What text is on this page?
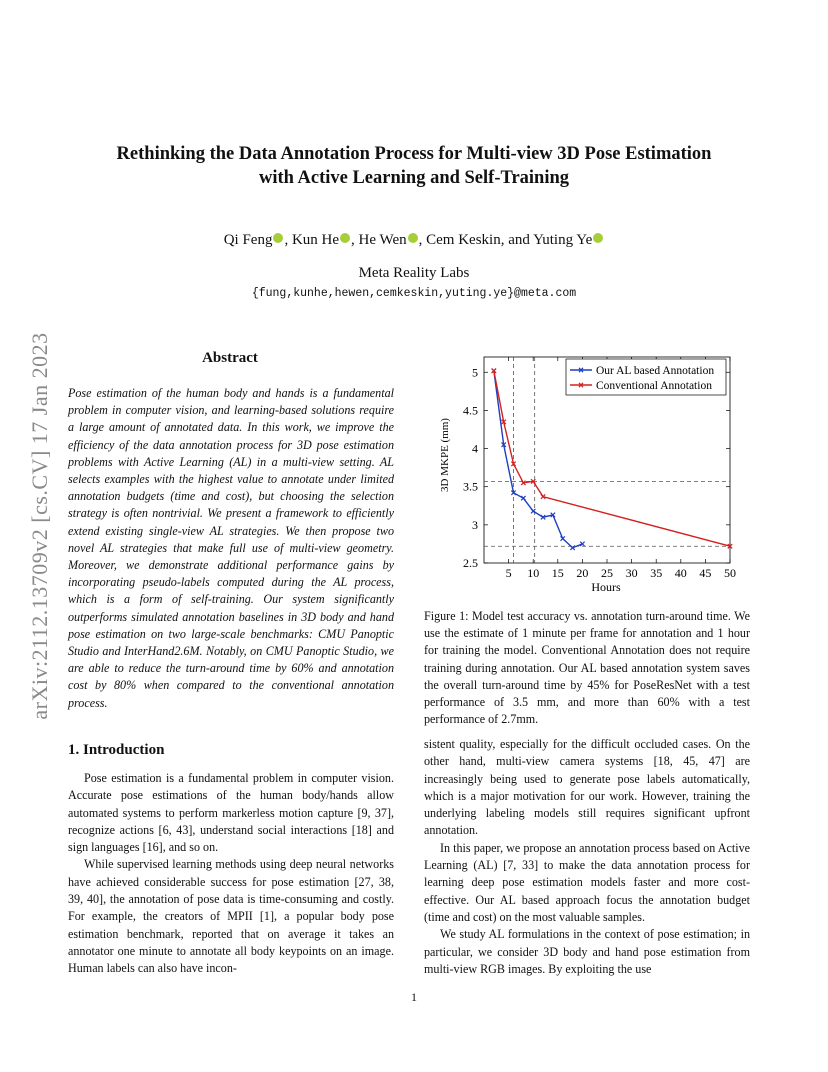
arXiv:2112.13709v2 [cs.CV] 17 Jan 2023
Rethinking the Data Annotation Process for Multi-view 3D Pose Estimation
with Active Learning and Self-Training
Qi Feng , Kun He , He Wen , Cem Keskin, and Yuting Ye
Meta Reality Labs
{fung,kunhe,hewen,cemkeskin,yuting.ye}@meta.com
Abstract
Pose estimation of the human body and hands is a fundamental problem in computer vision, and learning-based solutions require a large amount of annotated data. In this work, we improve the efficiency of the data annotation process for 3D pose estimation problems with Active Learning (AL) in a multi-view setting. AL selects examples with the highest value to annotate under limited annotation budgets (time and cost), but choosing the selection strategy is often nontrivial. We present a framework to efficiently extend existing single-view AL strategies. We then propose two novel AL strategies that make full use of multi-view geometry. Moreover, we demonstrate additional performance gains by incorporating pseudo-labels computed during the AL process, which is a form of self-training. Our system significantly outperforms simulated annotation baselines in 3D body and hand pose estimation on two large-scale benchmarks: CMU Panoptic Studio and InterHand2.6M. Notably, on CMU Panoptic Studio, we are able to reduce the turn-around time by 60% and annotation cost by 80% when compared to the conventional annotation process.
5 10 15 20 25 30 35 40 45 50
2.5
3
3.5
4
4.5
5	Our AL based Annotation
Conventional Annotation
Hours
3D MKPE (mm)
Figure 1: Model test accuracy vs. annotation turn-around time. We use the estimate of 1 minute per frame for annotation and 1 hour for training the model. Conventional Annotation does not require training during annotation. Our AL based annotation system saves the overall turn-around time by 45% for PoseResNet with a test performance of 3.5 mm, and more than 60% with a test performance of 2.7mm.
1. Introduction

Pose estimation is a fundamental problem in computer vision. Accurate pose estimations of the human body/hands allow automated systems to perform markerless motion capture [9, 37], recognize actions [6, 43], understand social interactions [18] and sign languages [16], and so on.

While supervised learning methods using deep neural networks have achieved considerable success for pose estimation [27, 38, 39, 40], the annotation of pose data is time-consuming and costly. For example, the creators of MPII [1], a popular body pose estimation benchmark, reported that on average it takes an annotator one minute to annotate all body keypoints on an image. Human labels can also have incon-

sistent quality, especially for the difficult occluded cases. On the other hand, multi-view camera systems [18, 45, 47] are increasingly being used to generate pose labels automatically, which is a major motivation for our work. However, training the underlying labeling models still requires significant upfront annotation.

In this paper, we propose an annotation process based on Active Learning (AL) [7, 33] to make the data annotation process for learning deep pose estimation models faster and more cost-effective. Our AL based approach focus the annotation budget (time and cost) on the most valuable samples.

We study AL formulations in the context of pose estimation; in particular, we consider 3D body and hand pose estimation from multi-view RGB images. By exploiting the use

1
